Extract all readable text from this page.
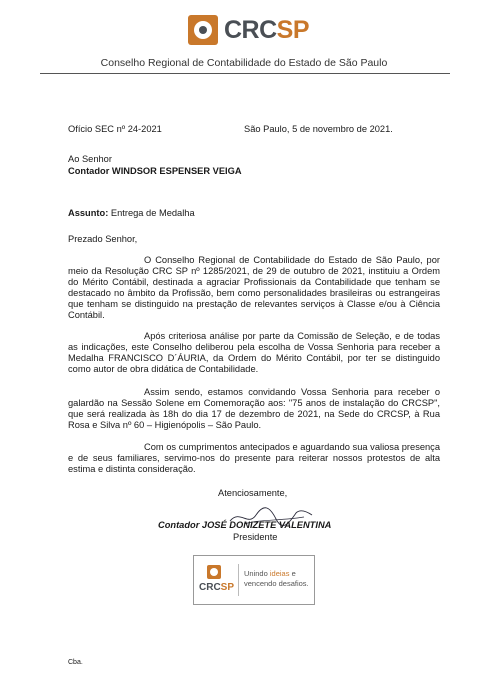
CRCSP
Conselho Regional de Contabilidade do Estado de São Paulo
Ofício SEC nº 24-2021	São Paulo, 5 de novembro de 2021.
Ao Senhor
Contador WINDSOR ESPENSER VEIGA
Assunto: Entrega de Medalha
Prezado Senhor,
O Conselho Regional de Contabilidade do Estado de São Paulo, por meio da Resolução CRC SP nº 1285/2021, de 29 de outubro de 2021, instituiu a Ordem do Mérito Contábil, destinada a agraciar Profissionais da Contabilidade que tenham se destacado no âmbito da Profissão, bem como personalidades brasileiras ou estrangeiras que tenham se distinguido na prestação de relevantes serviços à Classe e/ou à Ciência Contábil.
Após criteriosa análise por parte da Comissão de Seleção, e de todas as indicações, este Conselho deliberou pela escolha de Vossa Senhoria para receber a Medalha FRANCISCO D´ÁURIA, da Ordem do Mérito Contábil, por ter se distinguido como autor de obra didática de Contabilidade.
Assim sendo, estamos convidando Vossa Senhoria para receber o galardão na Sessão Solene em Comemoração aos: "75 anos de instalação do CRCSP", que será realizada às 18h do dia 17 de dezembro de 2021, na Sede do CRCSP, à Rua Rosa e Silva nº 60 – Higienópolis – São Paulo.
Com os cumprimentos antecipados e aguardando sua valiosa presença e de seus familiares, servimo-nos do presente para reiterar nossos protestos de alta estima e distinta consideração.
Atenciosamente,
Contador JOSÉ DONIZETE VALENTINA
Presidente
CRCSP
Unindo ideias e
vencendo desafios.
Cba.
